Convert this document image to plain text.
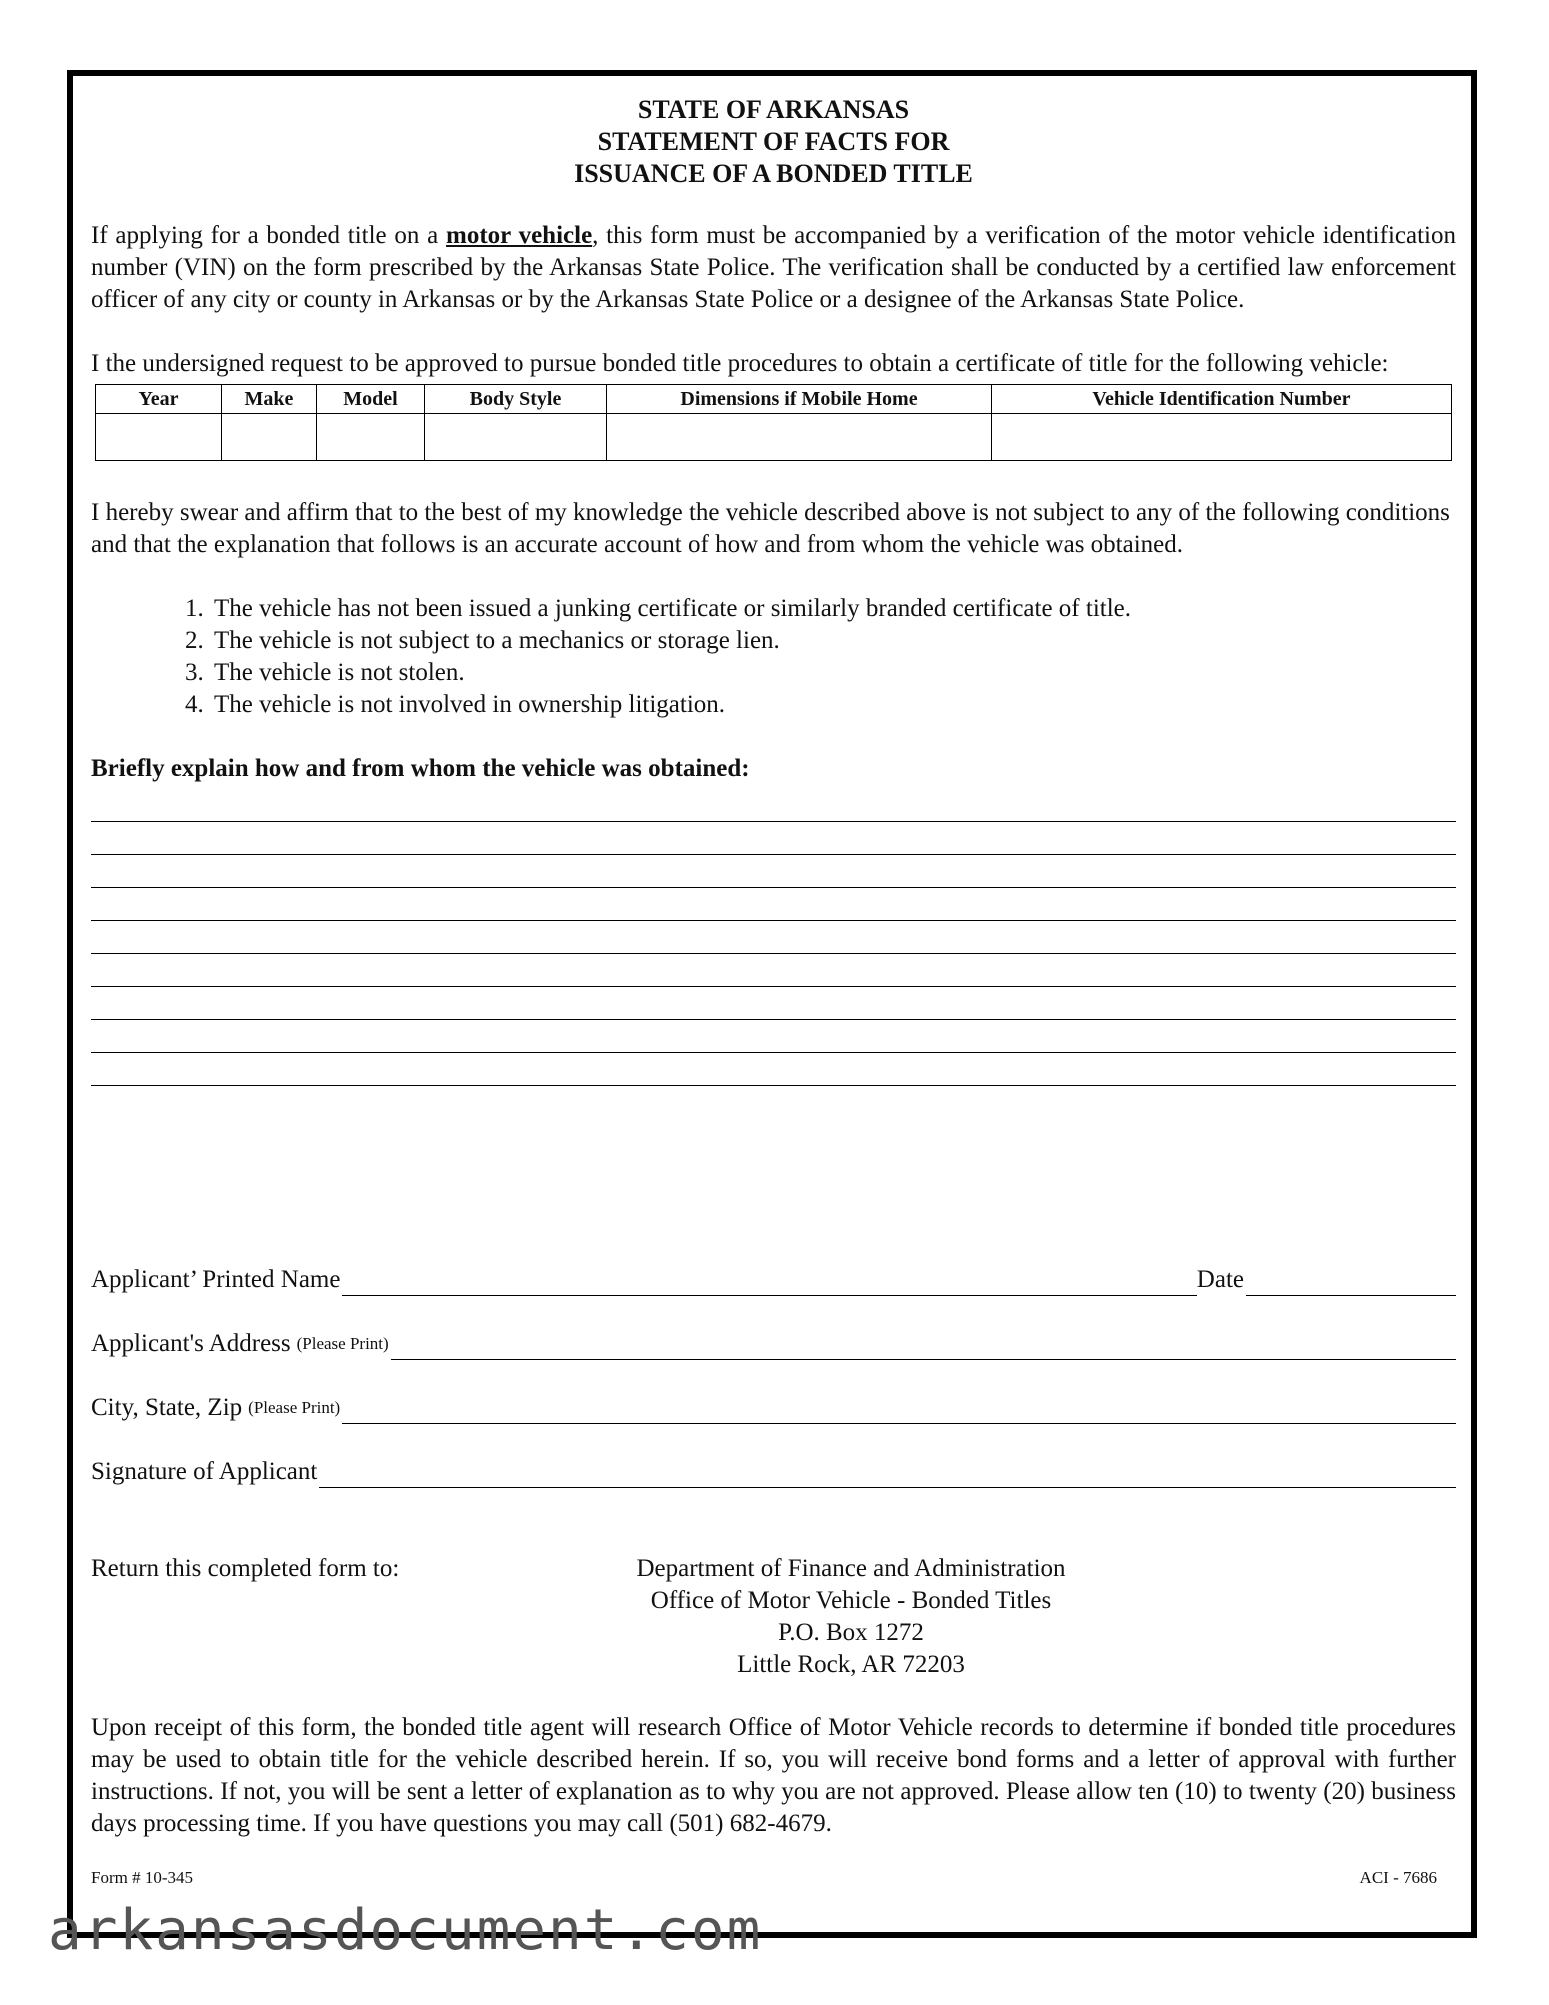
STATE OF ARKANSAS
STATEMENT OF FACTS FOR
ISSUANCE OF A BONDED TITLE

If applying for a bonded title on a motor vehicle, this form must be accompanied by a verification of the motor vehicle identification number (VIN) on the form prescribed by the Arkansas State Police. The verification shall be conducted by a certified law enforcement officer of any city or county in Arkansas or by the Arkansas State Police or a designee of the Arkansas State Police.

I the undersigned request to be approved to pursue bonded title procedures to obtain a certificate of title for the following vehicle:

Year	Make	Model	Body Style	Dimensions if Mobile Home	Vehicle Identification Number

I hereby swear and affirm that to the best of my knowledge the vehicle described above is not subject to any of the following conditions and that the explanation that follows is an accurate account of how and from whom the vehicle was obtained.

1. The vehicle has not been issued a junking certificate or similarly branded certificate of title.
2. The vehicle is not subject to a mechanics or storage lien.
3. The vehicle is not stolen.
4. The vehicle is not involved in ownership litigation.
Briefly explain how and from whom the vehicle was obtained:
Applicant’ Printed Name	Date
Applicant's Address (Please Print)
City, State, Zip (Please Print)
Signature of Applicant
Return this completed form to:	Department of Finance and Administration
Office of Motor Vehicle - Bonded Titles
P.O. Box 1272
Little Rock, AR 72203

Upon receipt of this form, the bonded title agent will research Office of Motor Vehicle records to determine if bonded title procedures may be used to obtain title for the vehicle described herein. If so, you will receive bond forms and a letter of approval with further instructions. If not, you will be sent a letter of explanation as to why you are not approved. Please allow ten (10) to twenty (20) business days processing time. If you have questions you may call (501) 682-4679.

Form # 10-345	ACI - 7686
arkansasdocument.com
